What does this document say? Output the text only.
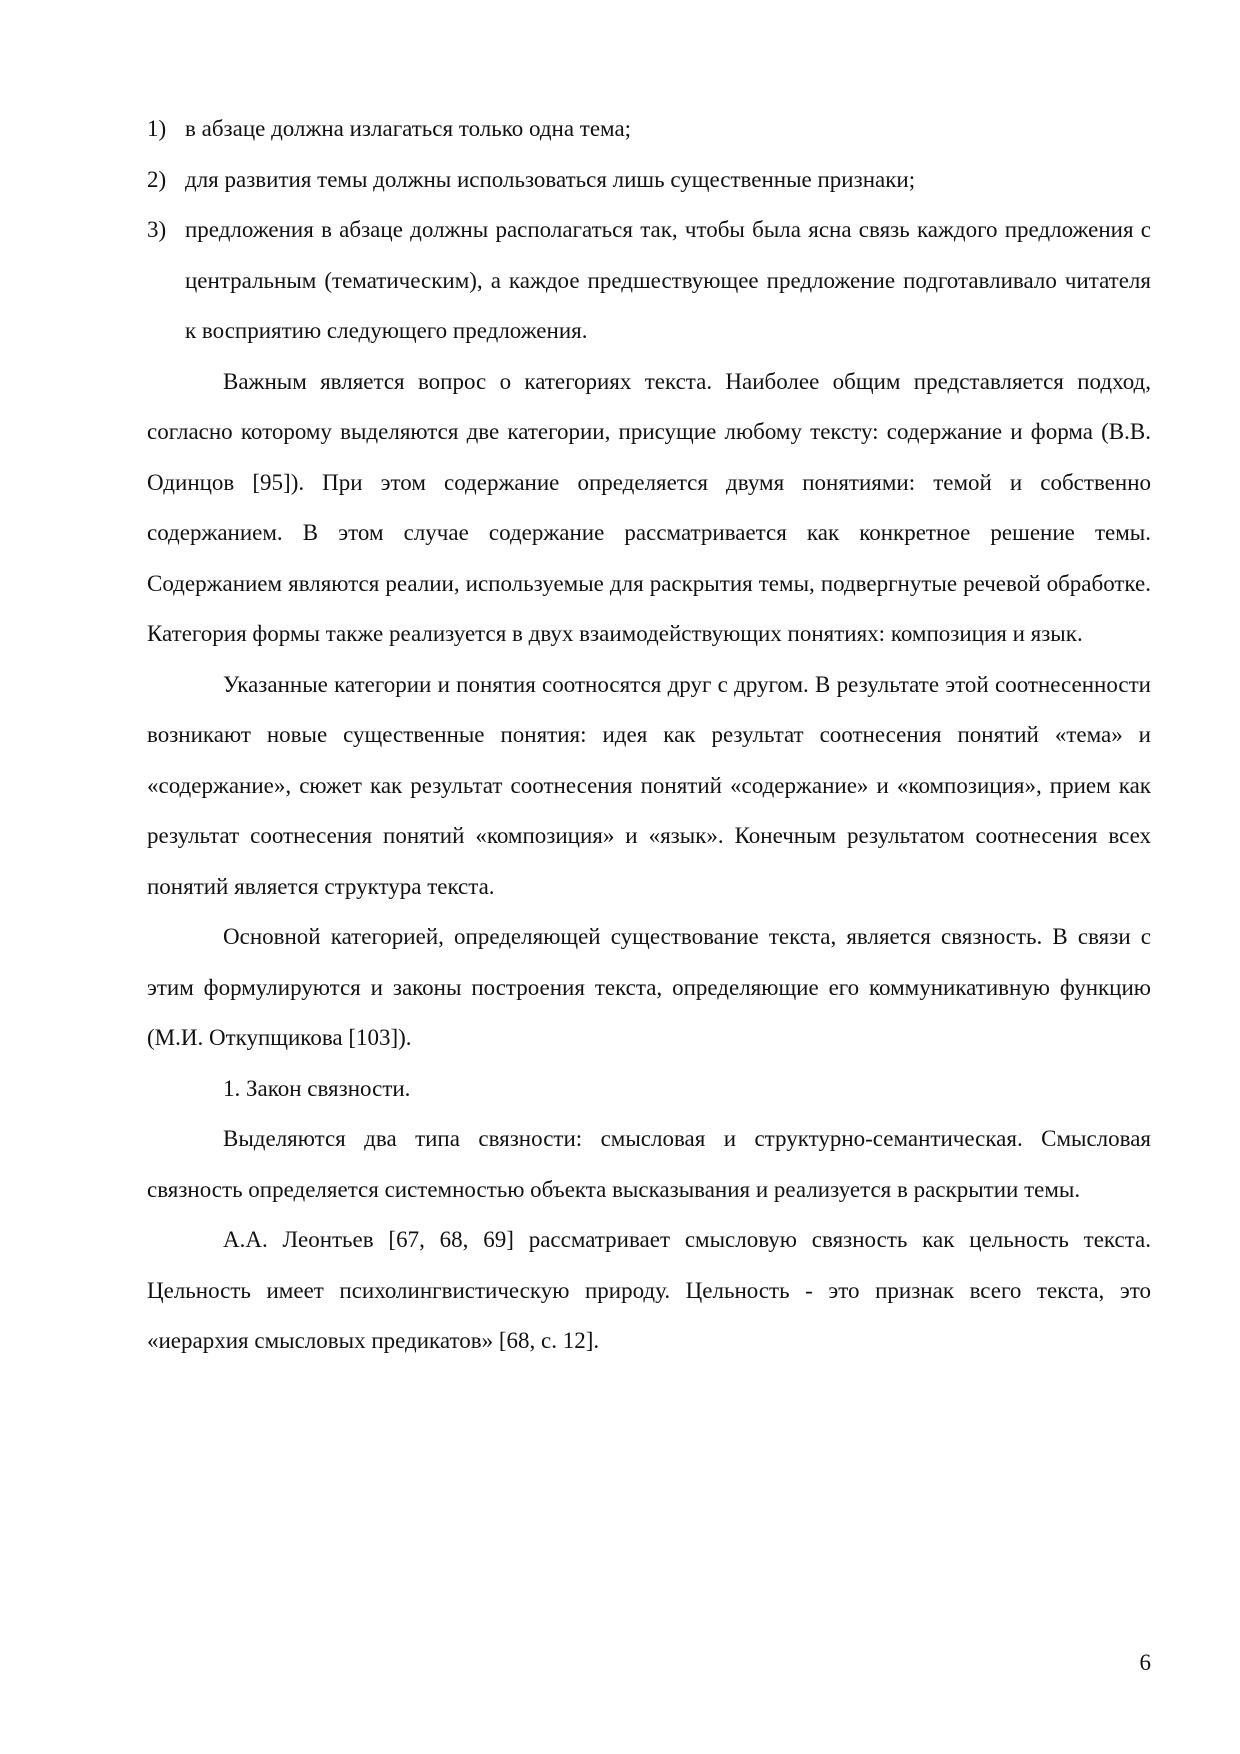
1) в абзаце должна излагаться только одна тема;
2) для развития темы должны использоваться лишь существенные признаки;
3) предложения в абзаце должны располагаться так, чтобы была ясна связь каждого предложения с центральным (тематическим), а каждое предшествующее предложение подготавливало читателя к восприятию следующего предложения.

Важным является вопрос о категориях текста. Наиболее общим представляется подход, согласно которому выделяются две категории, присущие любому тексту: содержание и форма (В.В. Одинцов [95]). При этом содержание определяется двумя понятиями: темой и собственно содержанием. В этом случае содержание рассматривается как конкретное решение темы. Содержанием являются реалии, используемые для раскрытия темы, подвергнутые речевой обработке. Категория формы также реализуется в двух взаимодействующих понятиях: композиция и язык.

Указанные категории и понятия соотносятся друг с другом. В результате этой соотнесенности возникают новые существенные понятия: идея как результат соотнесения понятий «тема» и «содержание», сюжет как результат соотнесения понятий «содержание» и «композиция», прием как результат соотнесения понятий «композиция» и «язык». Конечным результатом соотнесения всех понятий является структура текста.

Основной категорией, определяющей существование текста, является связность. В связи с этим формулируются и законы построения текста, определяющие его коммуникативную функцию (М.И. Откупщикова [103]).

1. Закон связности.

Выделяются два типа связности: смысловая и структурно-семантическая. Смысловая связность определяется системностью объекта высказывания и реализуется в раскрытии темы.

А.А. Леонтьев [67, 68, 69] рассматривает смысловую связность как цельность текста. Цельность имеет психолингвистическую природу. Цельность - это признак всего текста, это «иерархия смысловых предикатов» [68, с. 12].

6
